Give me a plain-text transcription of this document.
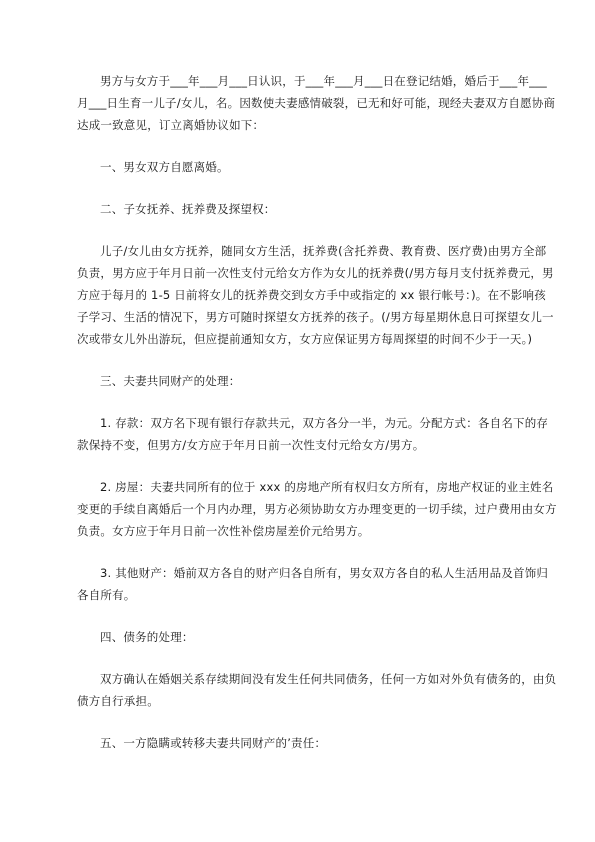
男方与女方于___年___月___日认识，于___年___月___日在登记结婚，婚后于___年___月___日生育一儿子/女儿，名。因数使夫妻感情破裂，已无和好可能，现经夫妻双方自愿协商达成一致意见，订立离婚协议如下：

一、男女双方自愿离婚。

二、子女抚养、抚养费及探望权：

儿子/女儿由女方抚养，随同女方生活，抚养费(含托养费、教育费、医疗费)由男方全部负责，男方应于年月日前一次性支付元给女方作为女儿的抚养费(/男方每月支付抚养费元，男方应于每月的 1-5 日前将女儿的抚养费交到女方手中或指定的 xx 银行帐号：)。在不影响孩子学习、生活的情况下，男方可随时探望女方抚养的孩子。(/男方每星期休息日可探望女儿一次或带女儿外出游玩，但应提前通知女方，女方应保证男方每周探望的时间不少于一天。)

三、夫妻共同财产的处理：

1. 存款：双方名下现有银行存款共元，双方各分一半，为元。分配方式：各自名下的存款保持不变，但男方/女方应于年月日前一次性支付元给女方/男方。

2. 房屋：夫妻共同所有的位于 xxx 的房地产所有权归女方所有，房地产权证的业主姓名变更的手续自离婚后一个月内办理，男方必须协助女方办理变更的一切手续，过户费用由女方负责。女方应于年月日前一次性补偿房屋差价元给男方。

3. 其他财产：婚前双方各自的财产归各自所有，男女双方各自的私人生活用品及首饰归各自所有。

四、债务的处理：

双方确认在婚姻关系存续期间没有发生任何共同债务，任何一方如对外负有债务的，由负债方自行承担。

五、一方隐瞒或转移夫妻共同财产的’责任：
